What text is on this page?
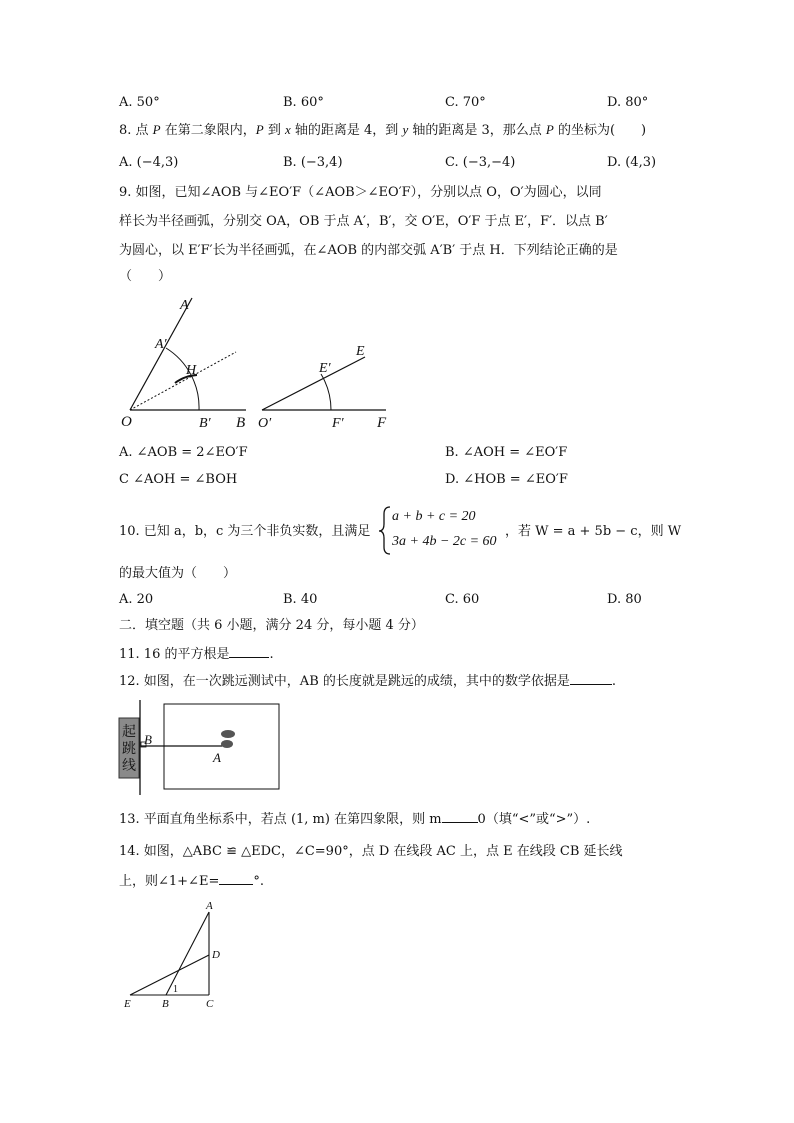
A. 50°	B. 60°	C. 70°	D. 80°
8. 点 P 在第二象限内，P 到 x 轴的距离是 4，到 y 轴的距离是 3，那么点 P 的坐标为(　　)
A. (−4,3)	B. (−3,4)	C. (−3,−4)	D. (4,3)
9. 如图，已知∠AOB 与∠EO′F（∠AOB＞∠EO′F），分别以点 O，O′为圆心，以同
样长为半径画弧，分别交 OA，OB 于点 A′，B′，交 O′E，O′F 于点 E′，F′．以点 B′
为圆心，以 E′F′长为半径画弧，在∠AOB 的内部交弧 A′B′ 于点 H．下列结论正确的是
（　　）
A
A′
H
O	B′ B
E
E′
O′	F′ F
A. ∠AOB = 2∠EO′F	B. ∠AOH = ∠EO′F
C ∠AOH = ∠BOH	D. ∠HOB = ∠EO′F
10. 已知 a，b，c 为三个非负实数，且满足
a + b + c = 20
3a + 4b − 2c = 60
，若 W = a + 5b − c，则 W
的最大值为（　　）
A. 20	B. 40	C. 60	D. 80
二．填空题（共 6 小题，满分 24 分，每小题 4 分）
11. 16 的平方根是	.
12. 如图，在一次跳远测试中，AB 的长度就是跳远的成绩，其中的数学依据是	.
起
跳
线
B
A
13. 平面直角坐标系中，若点 (1, m) 在第四象限，则 m	0（填“<”或“>”）.
14. 如图，△ABC ≌ △EDC，∠C=90°，点 D 在线段 AC 上，点 E 在线段 CB 延长线
上，则∠1+∠E=	°.
A
D
E	B	C
1
